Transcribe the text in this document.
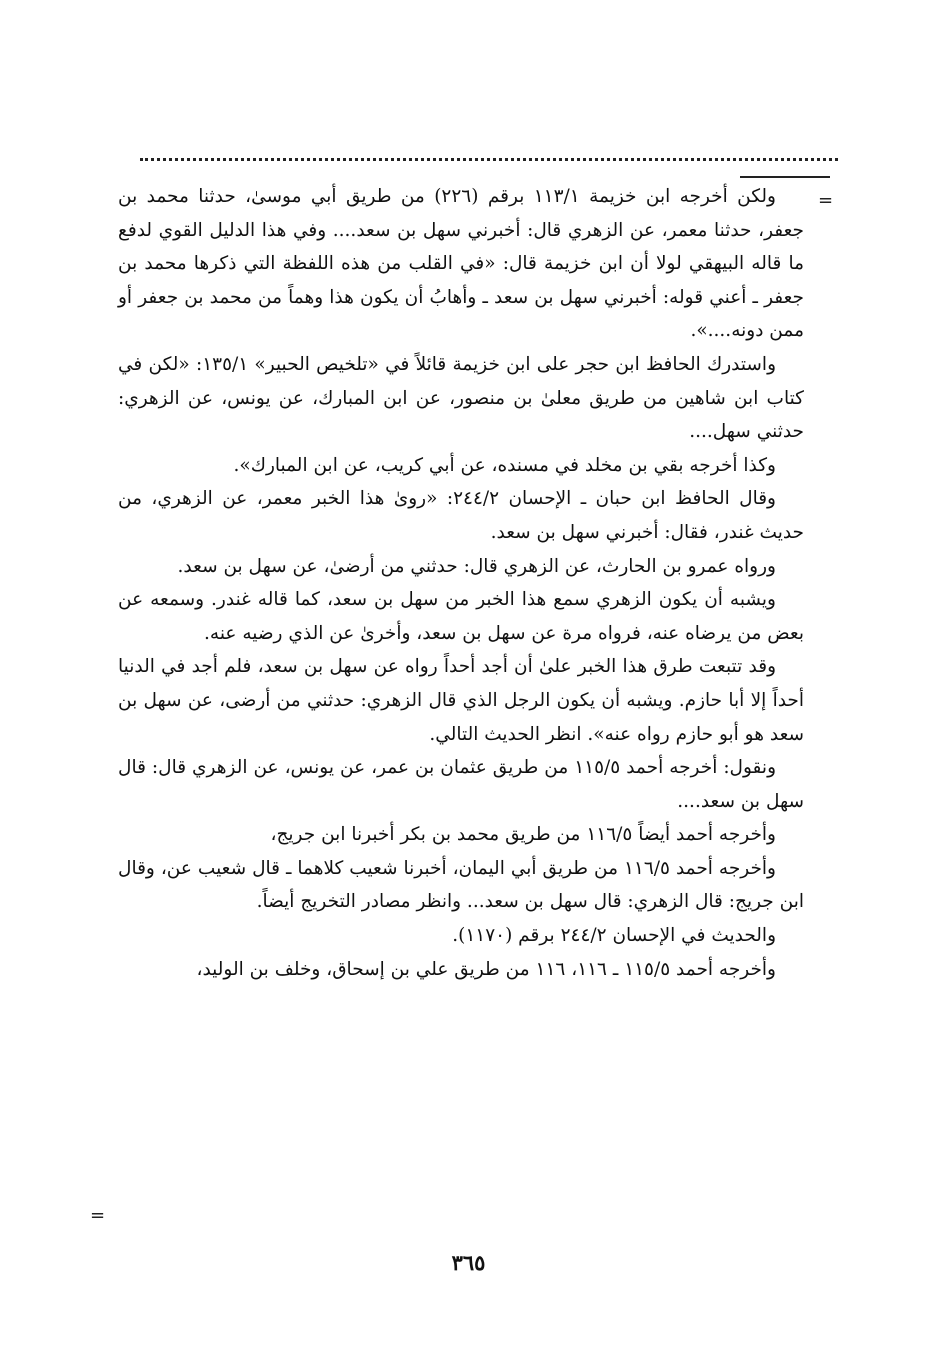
=

ولكن أخرجه ابن خزيمة ١١٣/١ برقم (٢٢٦) من طريق أبي موسىٰ، حدثنا محمد بن جعفر، حدثنا معمر، عن الزهري قال: أخبرني سهل بن سعد.... وفي هذا الدليل القوي لدفع ما قاله البيهقي لولا أن ابن خزيمة قال: «في القلب من هذه اللفظة التي ذكرها محمد بن جعفر ـ أعني قوله: أخبرني سهل بن سعد ـ وأهابُ أن يكون هذا وهماً من محمد بن جعفر أو ممن دونه....».

واستدرك الحافظ ابن حجر على ابن خزيمة قائلاً في «تلخيص الحبير» ١٣٥/١: «لكن في كتاب ابن شاهين من طريق معلىٰ بن منصور، عن ابن المبارك، عن يونس، عن الزهري: حدثني سهل....

وكذا أخرجه بقي بن مخلد في مسنده، عن أبي كريب، عن ابن المبارك».

وقال الحافظ ابن حبان ـ الإحسان ٢٤٤/٢: «روىٰ هذا الخبر معمر، عن الزهري، من حديث غندر، فقال: أخبرني سهل بن سعد.

ورواه عمرو بن الحارث، عن الزهري قال: حدثني من أرضىٰ، عن سهل بن سعد.

ويشبه أن يكون الزهري سمع هذا الخبر من سهل بن سعد، كما قاله غندر. وسمعه عن بعض من يرضاه عنه، فرواه مرة عن سهل بن سعد، وأخرىٰ عن الذي رضيه عنه.

وقد تتبعت طرق هذا الخبر علىٰ أن أجد أحداً رواه عن سهل بن سعد، فلم أجد في الدنيا أحداً إلا أبا حازم. ويشبه أن يكون الرجل الذي قال الزهري: حدثني من أرضى، عن سهل بن سعد هو أبو حازم رواه عنه». انظر الحديث التالي.

ونقول: أخرجه أحمد ١١٥/٥ من طريق عثمان بن عمر، عن يونس، عن الزهري قال: قال سهل بن سعد....

وأخرجه أحمد أيضاً ١١٦/٥ من طريق محمد بن بكر أخبرنا ابن جريج،

وأخرجه أحمد ١١٦/٥ من طريق أبي اليمان، أخبرنا شعيب كلاهما ـ قال شعيب عن، وقال ابن جريج: قال الزهري: قال سهل بن سعد... وانظر مصادر التخريج أيضاً.

والحديث في الإحسان ٢٤٤/٢ برقم (١١٧٠).

وأخرجه أحمد ١١٥/٥ ـ ١١٦، ١١٦ من طريق علي بن إسحاق، وخلف بن الوليد،

=
٣٦٥
